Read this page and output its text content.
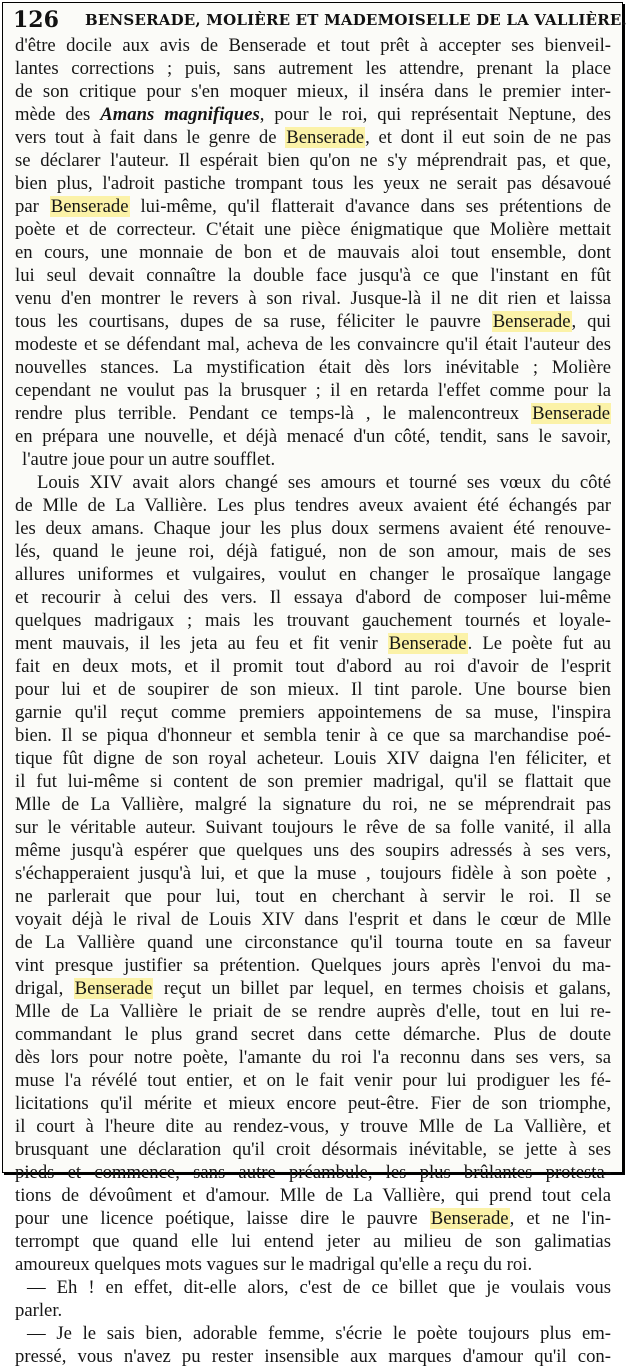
126 BENSERADE, MOLIÈRE ET MADEMOISELLE DE LA VALLIÈRE.
d'être docile aux avis de Benserade et tout prêt à accepter ses bienveil-
lantes corrections ; puis, sans autrement les attendre, prenant la place
de son critique pour s'en moquer mieux, il inséra dans le premier inter-
mède des Amans magnifiques, pour le roi, qui représentait Neptune, des
vers tout à fait dans le genre de Benserade, et dont il eut soin de ne pas
se déclarer l'auteur. Il espérait bien qu'on ne s'y méprendrait pas, et que,
bien plus, l'adroit pastiche trompant tous les yeux ne serait pas désavoué
par Benserade lui-même, qu'il flatterait d'avance dans ses prétentions de
poète et de correcteur. C'était une pièce énigmatique que Molière mettait
en cours, une monnaie de bon et de mauvais aloi tout ensemble, dont
lui seul devait connaître la double face jusqu'à ce que l'instant en fût
venu d'en montrer le revers à son rival. Jusque-là il ne dit rien et laissa
tous les courtisans, dupes de sa ruse, féliciter le pauvre Benserade, qui
modeste et se défendant mal, acheva de les convaincre qu'il était l'auteur des
nouvelles stances. La mystification était dès lors inévitable ; Molière
cependant ne voulut pas la brusquer ; il en retarda l'effet comme pour la
rendre plus terrible. Pendant ce temps-là , le malencontreux Benserade
en prépara une nouvelle, et déjà menacé d'un côté, tendit, sans le savoir,
l'autre joue pour un autre soufflet.
Louis XIV avait alors changé ses amours et tourné ses vœux du côté
de Mlle de La Vallière. Les plus tendres aveux avaient été échangés par
les deux amans. Chaque jour les plus doux sermens avaient été renouve-
lés, quand le jeune roi, déjà fatigué, non de son amour, mais de ses
allures uniformes et vulgaires, voulut en changer le prosaïque langage
et recourir à celui des vers. Il essaya d'abord de composer lui-même
quelques madrigaux ; mais les trouvant gauchement tournés et loyale-
ment mauvais, il les jeta au feu et fit venir Benserade. Le poète fut au
fait en deux mots, et il promit tout d'abord au roi d'avoir de l'esprit
pour lui et de soupirer de son mieux. Il tint parole. Une bourse bien
garnie qu'il reçut comme premiers appointemens de sa muse, l'inspira
bien. Il se piqua d'honneur et sembla tenir à ce que sa marchandise poé-
tique fût digne de son royal acheteur. Louis XIV daigna l'en féliciter, et
il fut lui-même si content de son premier madrigal, qu'il se flattait que
Mlle de La Vallière, malgré la signature du roi, ne se méprendrait pas
sur le véritable auteur. Suivant toujours le rêve de sa folle vanité, il alla
même jusqu'à espérer que quelques uns des soupirs adressés à ses vers,
s'échapperaient jusqu'à lui, et que la muse , toujours fidèle à son poète ,
ne parlerait que pour lui, tout en cherchant à servir le roi. Il se
voyait déjà le rival de Louis XIV dans l'esprit et dans le cœur de Mlle
de La Vallière quand une circonstance qu'il tourna toute en sa faveur
vint presque justifier sa prétention. Quelques jours après l'envoi du ma-
drigal, Benserade reçut un billet par lequel, en termes choisis et galans,
Mlle de La Vallière le priait de se rendre auprès d'elle, tout en lui re-
commandant le plus grand secret dans cette démarche. Plus de doute
dès lors pour notre poète, l'amante du roi l'a reconnu dans ses vers, sa
muse l'a révélé tout entier, et on le fait venir pour lui prodiguer les fé-
licitations qu'il mérite et mieux encore peut-être. Fier de son triomphe,
il court à l'heure dite au rendez-vous, y trouve Mlle de La Vallière, et
brusquant une déclaration qu'il croit désormais inévitable, se jette à ses
pieds et commence, sans autre préambule, les plus brûlantes protesta-
tions de dévoûment et d'amour. Mlle de La Vallière, qui prend tout cela
pour une licence poétique, laisse dire le pauvre Benserade, et ne l'in-
terrompt que quand elle lui entend jeter au milieu de son galimatias
amoureux quelques mots vagues sur le madrigal qu'elle a reçu du roi.
— Eh ! en effet, dit-elle alors, c'est de ce billet que je voulais vous
parler.
— Je le sais bien, adorable femme, s'écrie le poète toujours plus em-
pressé, vous n'avez pu rester insensible aux marques d'amour qu'il con-
